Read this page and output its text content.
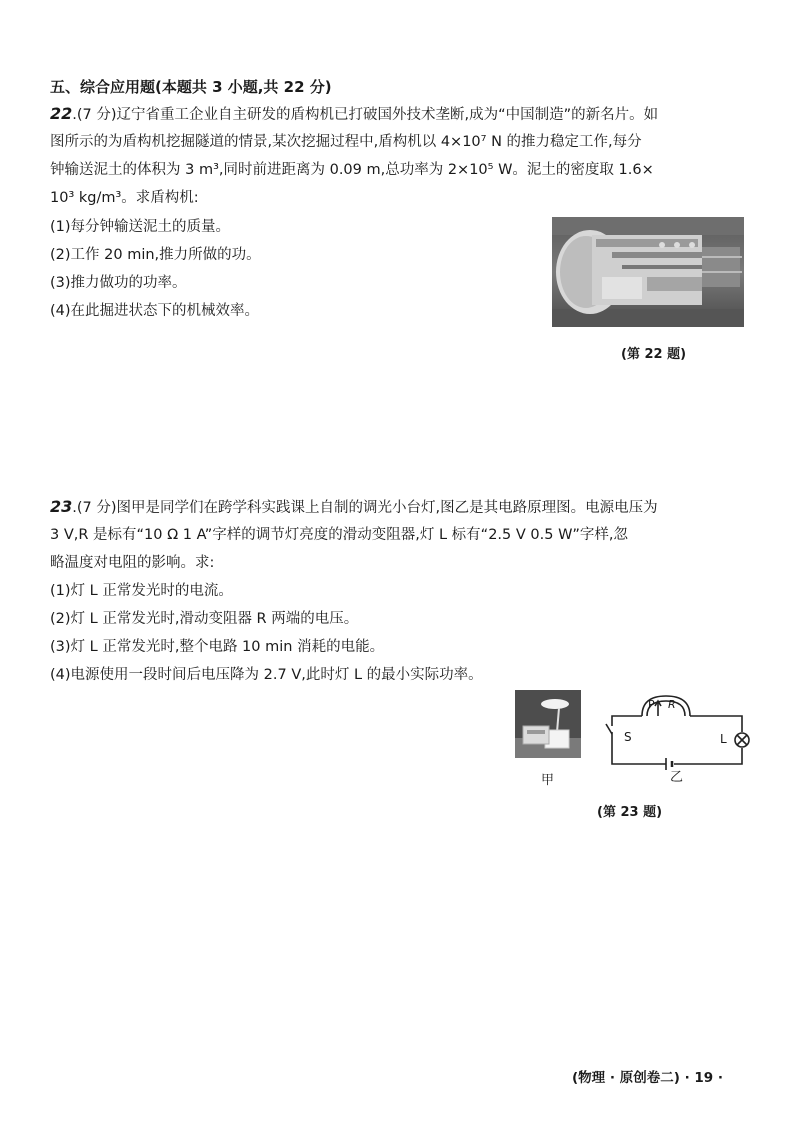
五、综合应用题(本题共 3 小题,共 22 分)
22.(7 分)辽宁省重工企业自主研发的盾构机已打破国外技术垄断,成为“中国制造”的新名片。如
图所示的为盾构机挖掘隧道的情景,某次挖掘过程中,盾构机以 4×10⁷ N 的推力稳定工作,每分
钟输送泥土的体积为 3 m³,同时前进距离为 0.09 m,总功率为 2×10⁵ W。泥土的密度取 1.6×
10³ kg/m³。求盾构机:
(1)每分钟输送泥土的质量。
(2)工作 20 min,推力所做的功。
(3)推力做功的功率。
(4)在此掘进状态下的机械效率。
(第 22 题)
23.(7 分)图甲是同学们在跨学科实践课上自制的调光小台灯,图乙是其电路原理图。电源电压为
3 V,R 是标有“10 Ω 1 A”字样的调节灯亮度的滑动变阻器,灯 L 标有“2.5 V 0.5 W”字样,忽
略温度对电阻的影响。求:
(1)灯 L 正常发光时的电流。
(2)灯 L 正常发光时,滑动变阻器 R 两端的电压。
(3)灯 L 正常发光时,整个电路 10 min 消耗的电能。
(4)电源使用一段时间后电压降为 2.7 V,此时灯 L 的最小实际功率。
甲
P R
S	L
乙
(第 23 题)
(物理 · 原创卷二) · 19 ·
